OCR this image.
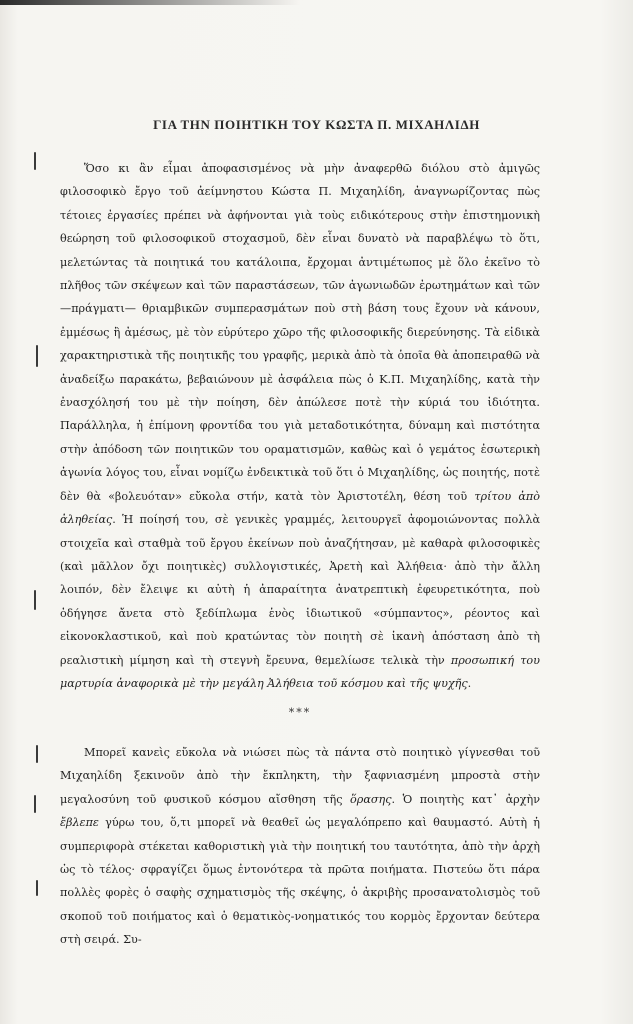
ΓΙΑ ΤΗΝ ΠΟΙΗΤΙΚΗ ΤΟΥ ΚΩΣΤΑ Π. ΜΙΧΑΗΛΙΔΗ

Ὅσο κι ἂν εἶμαι ἀποφασισμένος νὰ μὴν ἀναφερθῶ διόλου στὸ ἀμιγῶς φιλοσοφικὸ ἔργο τοῦ ἀείμνηστου Κώστα Π. Μιχαηλίδη, ἀναγνωρίζοντας πὼς τέτοιες ἐργασίες πρέπει νὰ ἀφήνονται γιὰ τοὺς ειδικότερους στὴν ἐπιστημονικὴ θεώρηση τοῦ φιλοσοφικοῦ στοχασμοῦ, δὲν εἶναι δυνατὸ νὰ παραβλέψω τὸ ὅτι, μελετώντας τὰ ποιητικά του κατάλοιπα, ἔρχομαι ἀντιμέτωπος μὲ ὅλο ἐκεῖνο τὸ πλῆθος τῶν σκέψεων καὶ τῶν παραστάσεων, τῶν ἀγωνιωδῶν ἐρωτημάτων καὶ τῶν —πράγματι— θριαμβικῶν συμπερασμάτων ποὺ στὴ βάση τους ἔχουν νὰ κάνουν, ἐμμέσως ἢ ἀμέσως, μὲ τὸν εὐρύτερο χῶρο τῆς φιλοσοφικῆς διερεύνησης. Τὰ εἰδικὰ χαρακτηριστικὰ τῆς ποιητικῆς του γραφῆς, μερικὰ ἀπὸ τὰ ὁποῖα θὰ ἀποπειραθῶ νὰ ἀναδείξω παρακάτω, βεβαιώνουν μὲ ἀσφάλεια πὼς ὁ Κ.Π. Μιχαηλίδης, κατὰ τὴν ἐνασχόλησή του μὲ τὴν ποίηση, δὲν ἀπώλεσε ποτὲ τὴν κύριά του ἰδιότητα. Παράλληλα, ἡ ἐπίμονη φροντίδα του γιὰ μεταδοτικότητα, δύναμη καὶ πιστότητα στὴν ἀπόδοση τῶν ποιητικῶν του οραματισμῶν, καθὼς καὶ ὁ γεμάτος ἐσωτερικὴ ἀγωνία λόγος του, εἶναι νομίζω ἐνδεικτικὰ τοῦ ὅτι ὁ Μιχαηλίδης, ὡς ποιητής, ποτὲ δὲν θὰ «βολευόταν» εὔκολα στήν, κατὰ τὸν Ἀριστοτέλη, θέση τοῦ τρίτου ἀπὸ ἀληθείας. Ἡ ποίησή του, σὲ γενικὲς γραμμές, λειτουργεῖ ἀφομοιώνοντας πολλὰ στοιχεῖα καὶ σταθμὰ τοῦ ἔργου ἐκείνων ποὺ ἀναζήτησαν, μὲ καθαρὰ φιλοσοφικὲς (καὶ μᾶλλον ὄχι ποιητικὲς) συλλογιστικές, Ἀρετὴ καὶ Ἀλήθεια· ἀπὸ τὴν ἄλλη λοιπόν, δὲν ἔλειψε κι αὐτὴ ἡ ἀπαραίτητα ἀνατρεπτικὴ ἐφευρετικότητα, ποὺ ὁδήγησε ἄνετα στὸ ξεδίπλωμα ἑνὸς ἰδιωτικοῦ «σύμπαντος», ρέοντος καὶ εἰκονοκλαστικοῦ, καὶ ποὺ κρατώντας τὸν ποιητὴ σὲ ἱκανὴ ἀπόσταση ἀπὸ τὴ ρεαλιστικὴ μίμηση καὶ τὴ στεγνὴ ἔρευνα, θεμελίωσε τελικὰ τὴν προσωπική του μαρτυρία ἀναφορικὰ μὲ τὴν μεγάλη Ἀλήθεια τοῦ κόσμου καὶ τῆς ψυχῆς.

***

Μπορεῖ κανεὶς εὔκολα νὰ νιώσει πὼς τὰ πάντα στὸ ποιητικὸ γίγνεσθαι τοῦ Μιχαηλίδη ξεκινοῦν ἀπὸ τὴν ἔκπληκτη, τὴν ξαφνιασμένη μπροστὰ στὴν μεγαλοσύνη τοῦ φυσικοῦ κόσμου αἴσθηση τῆς ὅρασης. Ὁ ποιητὴς κατ᾽ ἀρχὴν ἔβλεπε γύρω του, ὅ,τι μπορεῖ νὰ θεαθεῖ ὡς μεγαλόπρεπο καὶ θαυμαστό. Αὐτὴ ἡ συμπεριφορὰ στέκεται καθοριστικὴ γιὰ τὴν ποιητική του ταυτότητα, ἀπὸ τὴν ἀρχὴ ὡς τὸ τέλος· σφραγίζει ὅμως ἐντονότερα τὰ πρῶτα ποιήματα. Πιστεύω ὅτι πάρα πολλὲς φορὲς ὁ σαφὴς σχηματισμὸς τῆς σκέψης, ὁ ἀκριβὴς προσανατολισμὸς τοῦ σκοποῦ τοῦ ποιήματος καὶ ὁ θεματικὸς-νοηματικός του κορμὸς ἔρχονταν δεύτερα στὴ σειρά. Συ-
